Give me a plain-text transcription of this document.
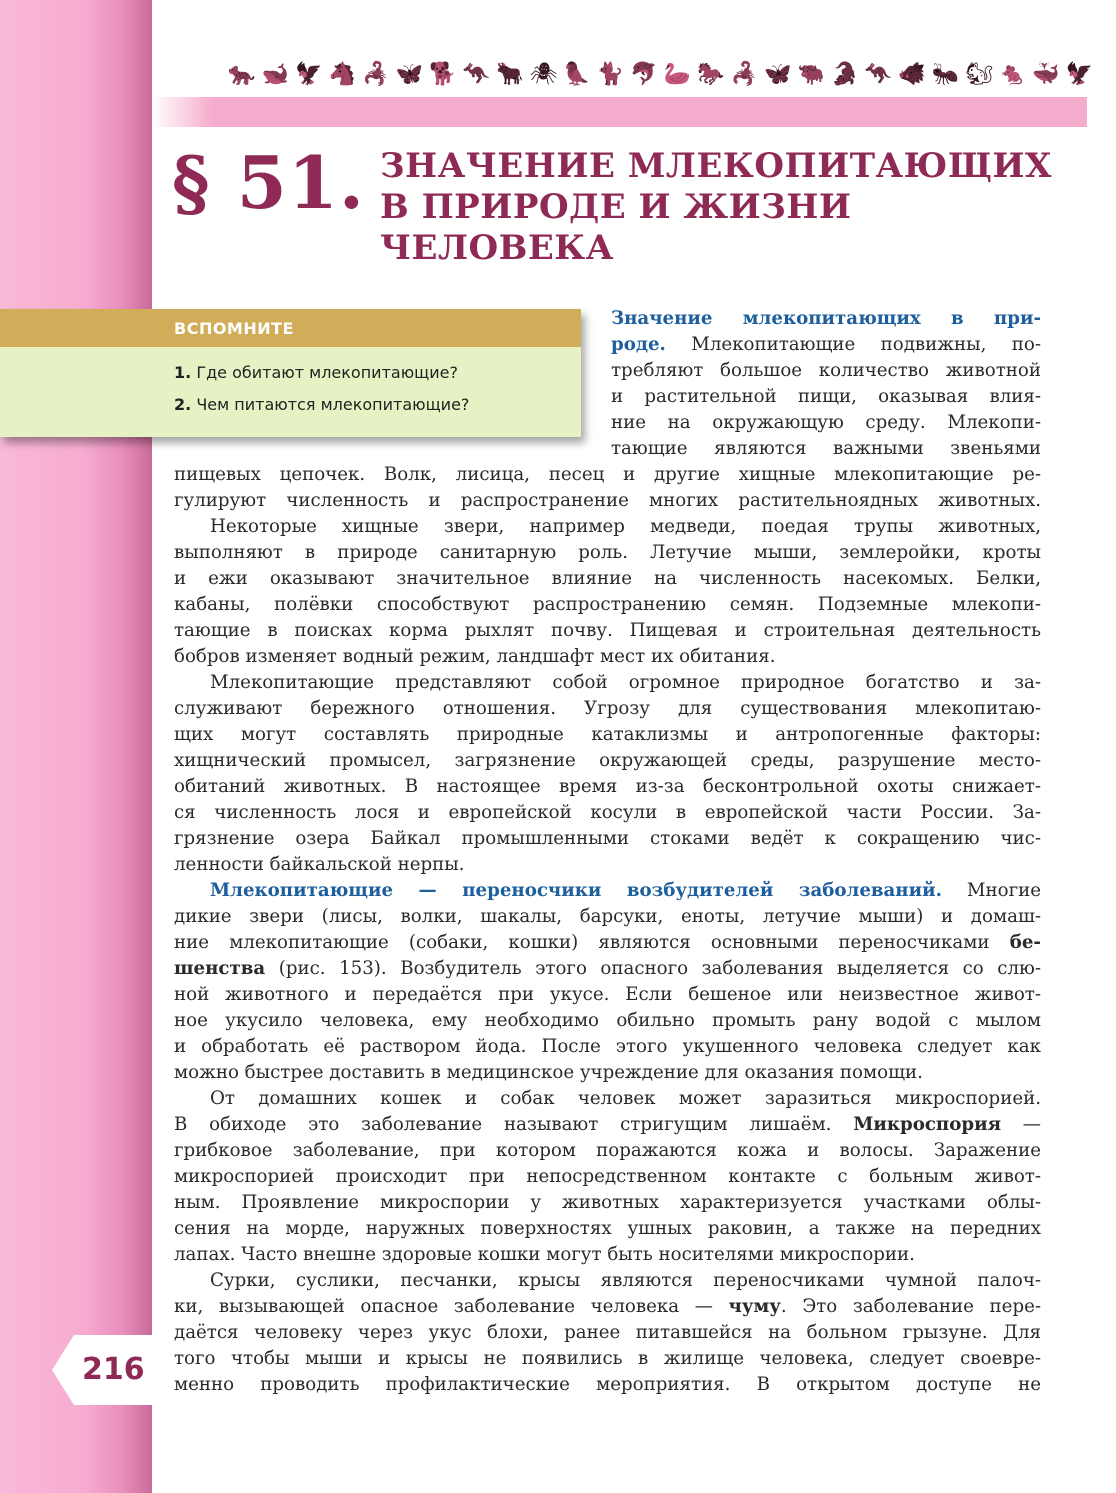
🐆 🐋 🦅 🐴 🦂 🦋 🐕 🦘 🐂 🕷 🦜 🐈 🐬 🦢 🐎 🦂 🦋 🐃 🐊 🦘 🐗 🐜 🐿 🐁 🐳 🦅
§ 51. ЗНАЧЕНИЕ МЛЕКОПИТАЮЩИХ
В ПРИРОДЕ И ЖИЗНИ
ЧЕЛОВЕКА
ВСПОМНИТЕ
1. Где обитают млекопитающие?
2. Чем питаются млекопитающие?
Значение млекопитающих в при-
роде. Млекопитающие подвижны, по-
требляют большое количество животной
и растительной пищи, оказывая влия-
ние на окружающую среду. Млекопи-
тающие являются важными звеньями
пищевых цепочек. Волк, лисица, песец и другие хищные млекопитающие ре-
гулируют численность и распространение многих растительноядных животных.
Некоторые хищные звери, например медведи, поедая трупы животных,
выполняют в природе санитарную роль. Летучие мыши, землеройки, кроты
и ежи оказывают значительное влияние на численность насекомых. Белки,
кабаны, полёвки способствуют распространению семян. Подземные млекопи-
тающие в поисках корма рыхлят почву. Пищевая и строительная деятельность
бобров изменяет водный режим, ландшафт мест их обитания.
Млекопитающие представляют собой огромное природное богатство и за-
служивают бережного отношения. Угрозу для существования млекопитаю-
щих могут составлять природные катаклизмы и антропогенные факторы:
хищнический промысел, загрязнение окружающей среды, разрушение место-
обитаний животных. В настоящее время из-за бесконтрольной охоты снижает-
ся численность лося и европейской косули в европейской части России. За-
грязнение озера Байкал промышленными стоками ведёт к сокращению чис-
ленности байкальской нерпы.
Млекопитающие — переносчики возбудителей заболеваний. Многие
дикие звери (лисы, волки, шакалы, барсуки, еноты, летучие мыши) и домаш-
ние млекопитающие (собаки, кошки) являются основными переносчиками бе-
шенства (рис. 153). Возбудитель этого опасного заболевания выделяется со слю-
ной животного и передаётся при укусе. Если бешеное или неизвестное живот-
ное укусило человека, ему необходимо обильно промыть рану водой с мылом
и обработать её раствором йода. После этого укушенного человека следует как
можно быстрее доставить в медицинское учреждение для оказания помощи.
От домашних кошек и собак человек может заразиться микроспорией.
В обиходе это заболевание называют стригущим лишаём. Микроспория —
грибковое заболевание, при котором поражаются кожа и волосы. Заражение
микроспорией происходит при непосредственном контакте с больным живот-
ным. Проявление микроспории у животных характеризуется участками облы-
сения на морде, наружных поверхностях ушных раковин, а также на передних
лапах. Часто внешне здоровые кошки могут быть носителями микроспории.
Сурки, суслики, песчанки, крысы являются переносчиками чумной палоч-
ки, вызывающей опасное заболевание человека — чуму. Это заболевание пере-
даётся человеку через укус блохи, ранее питавшейся на больном грызуне. Для
того чтобы мыши и крысы не появились в жилище человека, следует своевре-
менно проводить профилактические мероприятия. В открытом доступе не
216
